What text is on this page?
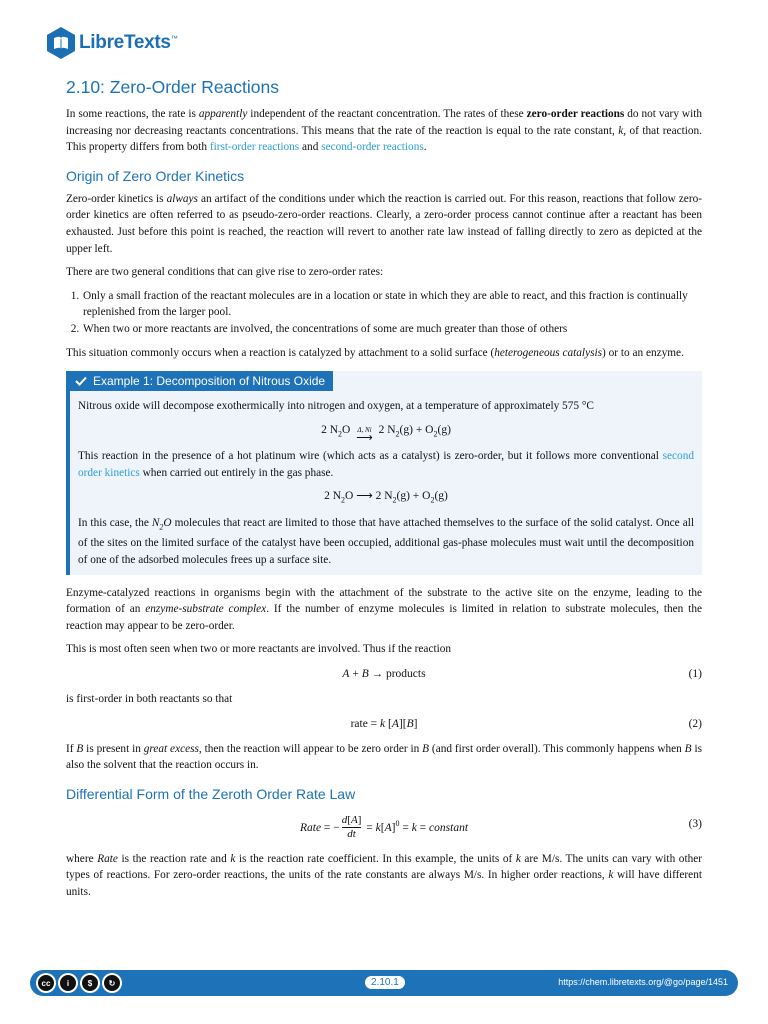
LibreTexts™
2.10: Zero-Order Reactions

In some reactions, the rate is apparently independent of the reactant concentration. The rates of these zero-order reactions do not vary with increasing nor decreasing reactants concentrations. This means that the rate of the reaction is equal to the rate constant, k, of that reaction. This property differs from both first-order reactions and second-order reactions.

Origin of Zero Order Kinetics

Zero-order kinetics is always an artifact of the conditions under which the reaction is carried out. For this reason, reactions that follow zero-order kinetics are often referred to as pseudo-zero-order reactions. Clearly, a zero-order process cannot continue after a reactant has been exhausted. Just before this point is reached, the reaction will revert to another rate law instead of falling directly to zero as depicted at the upper left.

There are two general conditions that can give rise to zero-order rates:

1. Only a small fraction of the reactant molecules are in a location or state in which they are able to react, and this fraction is continually replenished from the larger pool.
2. When two or more reactants are involved, the concentrations of some are much greater than those of others

This situation commonly occurs when a reaction is catalyzed by attachment to a solid surface (heterogeneous catalysis) or to an enzyme.

Example 1: Decomposition of Nitrous Oxide

Nitrous oxide will decompose exothermically into nitrogen and oxygen, at a temperature of approximately 575 °C

2 $N_2O$ Δ, Ni
⟶
2 $N_2(g) + O_2(g)$

This reaction in the presence of a hot platinum wire (which acts as a catalyst) is zero-order, but it follows more conventional second order kinetics when carried out entirely in the gas phase.

2 $N_2O$ ⟶ 2 $N_2(g) + O_2(g)$

In this case, the $N_2O$ molecules that react are limited to those that have attached themselves to the surface of the solid catalyst. Once all of the sites on the limited surface of the catalyst have been occupied, additional gas-phase molecules must wait until the decomposition of one of the adsorbed molecules frees up a surface site.

Enzyme-catalyzed reactions in organisms begin with the attachment of the substrate to the active site on the enzyme, leading to the formation of an enzyme-substrate complex. If the number of enzyme molecules is limited in relation to substrate molecules, then the reaction may appear to be zero-order.

This is most often seen when two or more reactants are involved. Thus if the reaction

A + B → products	(1)

is first-order in both reactants so that

rate = k [A][B]	(2)

If B is present in great excess, then the reaction will appear to be zero order in B (and first order overall). This commonly happens when B is also the solvent that the reaction occurs in.

Differential Form of the Zeroth Order Rate Law
Rate = − $\frac{d[A]}{dt} = k[A]^0 = k$ = constant	(3)

where Rate is the reaction rate and k is the reaction rate coefficient. In this example, the units of k are M/s. The units can vary with other types of reactions. For zero-order reactions, the units of the rate constants are always M/s. In higher order reactions, k will have different units.

cc	i	$	↻	2.10.1	https://chem.libretexts.org/@go/page/1451
